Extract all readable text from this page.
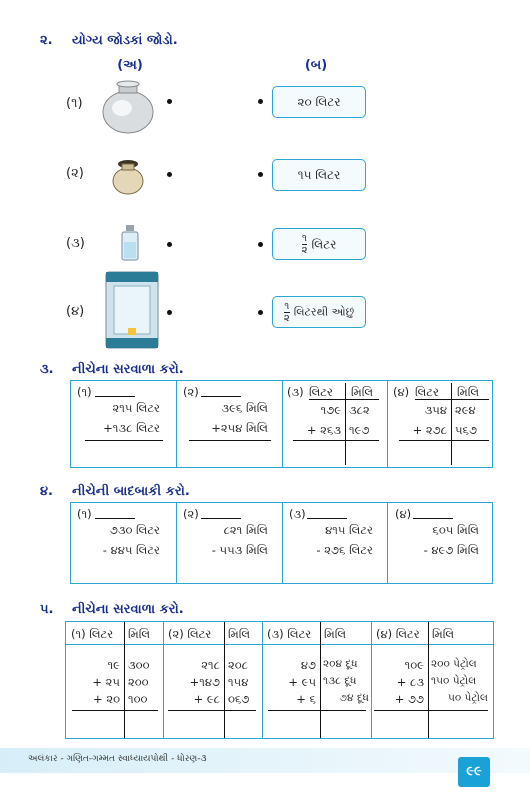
૨. યોગ્ય જોડકાં જોડો.
(અ)	(બ)
(૧)	૨૦ લિટર
(૨)	૧૫ લિટર
(૩)	૧
૨ લિટર
(૪)	૧
૨ લિટરથી ઓછું
૩. નીચેના સરવાળા કરો.
(૧)
૨૧૫ લિટર
+૧૩૮ લિટર
(૨)
૩૯૬ મિલિ
+૨૫૪ મિલિ
(૩) લિટર મિલિ
૧૭૯ ૩૮૨
+ ૨૬૩ ૧૯૭
(૪) લિટર મિલિ
૩૫૪ ૨૯૪
+ ૨૭૮ ૫૬૭
૪. નીચેની બાદબાકી કરો.
(૧)
૭૩૦ લિટર
- ૪૪૫ લિટર
(૨)
૮૨૧ મિલિ
- ૫૫૩ મિલિ
(૩)
૪૧૫ લિટર
- ૨૭૬ લિટર
(૪)
૬૦૫ મિલિ
- ૪૯૭ મિલિ
૫. નીચેના સરવાળા કરો.
(૧) લિટર મિલિ
૧૯ ૩૦૦
+ ૨૫ ૨૦૦
+ ૨૦ ૧૦૦
(૨) લિટર મિલિ
૨૧૮ ૨૦૮
+૧૪૭ ૧૫૪
+ ૯૮ ૦૬૭
(૩) લિટર મિલિ
૪૭ ૨૦૪ દૂધ
+ ૯૫ ૧૩૮ દૂધ
+ ૬	૭૪ દૂધ
(૪) લિટર મિલિ
૧૦૯ ૨૦૦ પેટ્રોલ
+ ૮૩ ૧૫૦ પેટ્રોલ
+ ૭૭	૫૦ પેટ્રોલ
અલંકાર - ગણિત-ગમ્મત સ્વાધ્યાયપોથી - ધોરણ-૩
૯૯
